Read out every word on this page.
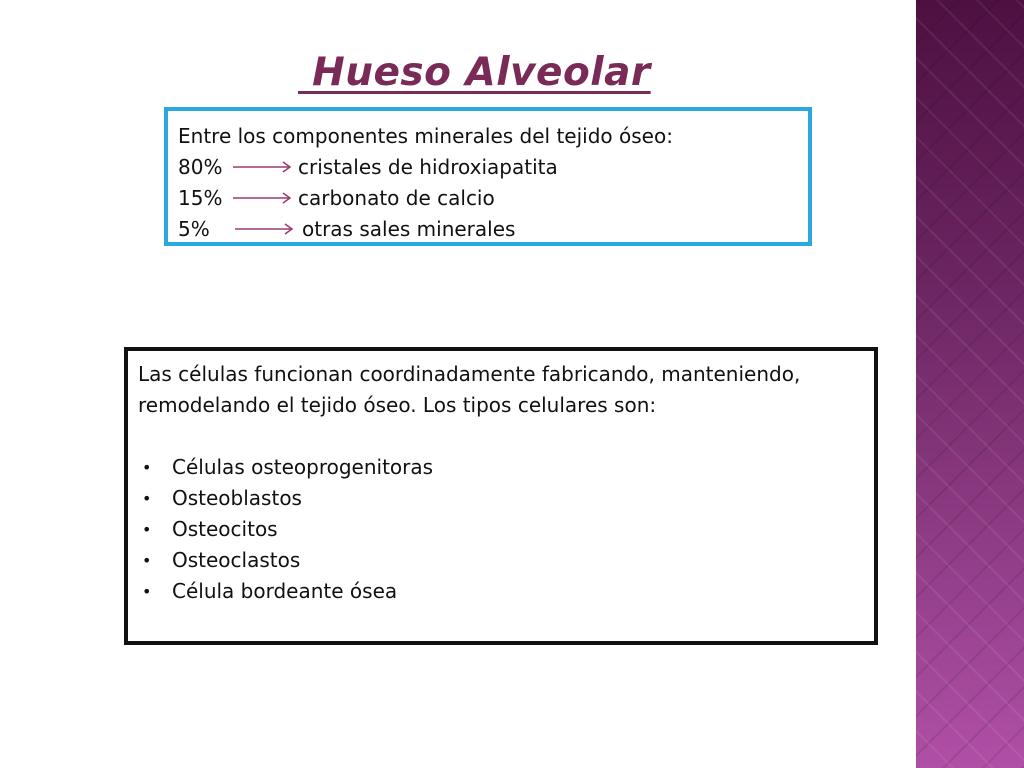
Hueso Alveolar
Entre los componentes minerales del tejido óseo:
80%	cristales de hidroxiapatita
15%	carbonato de calcio
5%	otras sales minerales

Las células funcionan coordinadamente fabricando, manteniendo, remodelando el tejido óseo. Los tipos celulares son:

• Células osteoprogenitoras
• Osteoblastos
• Osteocitos
• Osteoclastos
• Célula bordeante ósea
